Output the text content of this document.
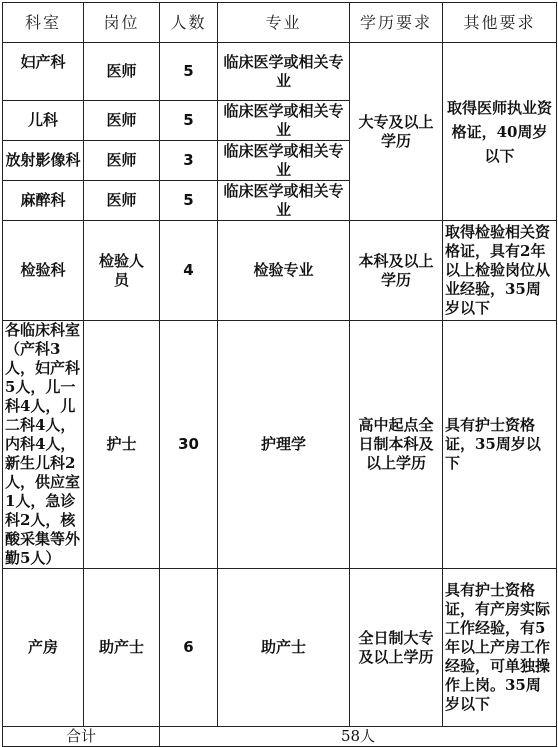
科室	岗位	人数	专业	学历要求	其他要求
妇产科	医师	5	临床医学或相关专业	大专及以上学历	取得医师执业资格证，40周岁以下
儿科	医师	5	临床医学或相关专业		
放射影像科	医师	3	临床医学或相关专业		
麻醉科	医师	5	临床医学或相关专业		
检验科	检验人员	4	检验专业	本科及以上学历	取得检验相关资格证，具有2年以上检验岗位从业经验，35周岁以下
各临床科室（产科3人，妇产科5人，儿一科4人，儿二科4人，内科4人，新生儿科2人，供应室1人，急诊科2人，核酸采集等外勤5人）	护士	30	护理学	高中起点全日制本科及以上学历	具有护士资格证，35周岁以下
产房	助产士	6	助产士	全日制大专及以上学历	具有护士资格证，有产房实际工作经验，有5年以上产房工作经验，可单独操作上岗。35周岁以下
合计		58人			
